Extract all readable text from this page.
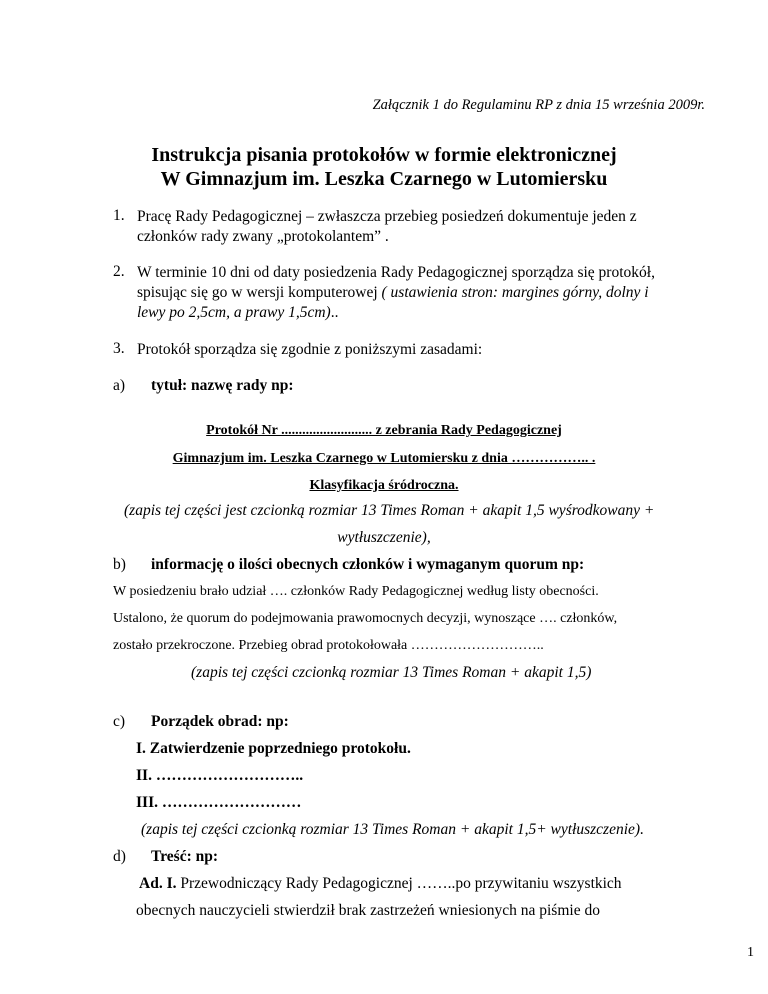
Załącznik 1 do Regulaminu RP z dnia 15 września 2009r.
Instrukcja pisania protokołów w formie elektronicznej
W Gimnazjum im. Leszka Czarnego w Lutomiersku
1. Pracę Rady Pedagogicznej – zwłaszcza przebieg posiedzeń dokumentuje jeden z
członków rady zwany „protokolantem” .
2. W terminie 10 dni od daty posiedzenia Rady Pedagogicznej sporządza się protokół,
spisując się go w wersji komputerowej ( ustawienia stron: margines górny, dolny i
lewy po 2,5cm, a prawy 1,5cm)..
3. Protokół sporządza się zgodnie z poniższymi zasadami:
a) tytuł: nazwę rady np:
Protokół Nr .......................... z zebrania Rady Pedagogicznej
Gimnazjum im. Leszka Czarnego w Lutomiersku z dnia …………….. .
Klasyfikacja śródroczna.
(zapis tej części jest czcionką rozmiar 13 Times Roman + akapit 1,5 wyśrodkowany +
wytłuszczenie),
b) informację o ilości obecnych członków i wymaganym quorum np:
W posiedzeniu brało udział …. członków Rady Pedagogicznej według listy obecności.
Ustalono, że quorum do podejmowania prawomocnych decyzji, wynoszące …. członków,
zostało przekroczone. Przebieg obrad protokołowała ………………………..
(zapis tej części czcionką rozmiar 13 Times Roman + akapit 1,5)
c) Porządek obrad: np:
I. Zatwierdzenie poprzedniego protokołu.
II. ………………………..
III. ………………………
(zapis tej części czcionką rozmiar 13 Times Roman + akapit 1,5+ wytłuszczenie).
d) Treść: np:
Ad. I. Przewodniczący Rady Pedagogicznej ……..po przywitaniu wszystkich
obecnych nauczycieli stwierdził brak zastrzeżeń wniesionych na piśmie do
1
